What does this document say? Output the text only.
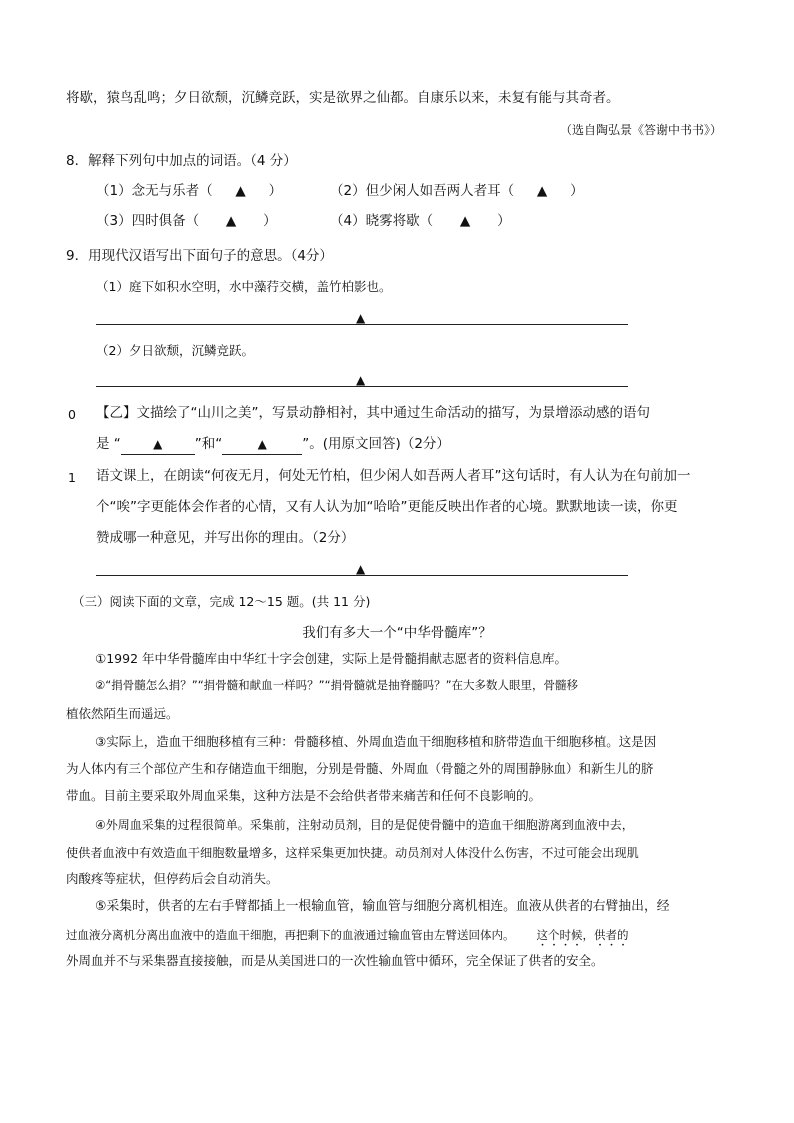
将歇，猿鸟乱鸣；夕日欲颓，沉鳞竞跃，实是欲界之仙都。自康乐以来，未复有能与其奇者。
（选自陶弘景《答谢中书书》）
8．解释下列句中加点的词语。（4 分）
（1）念无与乐者（ ▲ ）	（2）但少闲人如吾两人者耳（ ▲ ）
（3）四时俱备（ ▲ ）	（4）晓雾将歇（ ▲ ）
9．用现代汉语写出下面句子的意思。（4分）
（1）庭下如积水空明，水中藻荇交横，盖竹柏影也。
▲
（2）夕日欲颓，沉鳞竞跃。
▲
0 【乙】文描绘了“山川之美”，写景动静相衬，其中通过生命活动的描写，为景增添动感的语句
是 “	▲ ”和“	▲	”。(用原文回答)（2分）
1 语文课上，在朗读“何夜无月，何处无竹柏，但少闲人如吾两人者耳”这句话时，有人认为在句前加一
个“唉”字更能体会作者的心情，又有人认为加“哈哈”更能反映出作者的心境。默默地读一读，你更
赞成哪一种意见，并写出你的理由。（2分）
▲
（三）阅读下面的文章，完成 12～15 题。(共 11 分)
我们有多大一个“中华骨髓库”？
①1992 年中华骨髓库由中华红十字会创建，实际上是骨髓捐献志愿者的资料信息库。
②“捐骨髓怎么捐？”“捐骨髓和献血一样吗？”“捐骨髓就是抽脊髓吗？”在大多数人眼里，骨髓移
植依然陌生而遥远。
③实际上，造血干细胞移植有三种：骨髓移植、外周血造血干细胞移植和脐带造血干细胞移植。这是因
为人体内有三个部位产生和存储造血干细胞，分别是骨髓、外周血（骨髓之外的周围静脉血）和新生儿的脐
带血。目前主要采取外周血采集，这种方法是不会给供者带来痛苦和任何不良影响的。
④外周血采集的过程很简单。采集前，注射动员剂，目的是促使骨髓中的造血干细胞游离到血液中去，
使供者血液中有效造血干细胞数量增多，这样采集更加快捷。动员剂对人体没什么伤害，不过可能会出现肌
肉酸疼等症状，但停药后会自动消失。
⑤采集时，供者的左右手臂都插上一根输血管，输血管与细胞分离机相连。血液从供者的右臂抽出，经
过血液分离机分离出血液中的造血干细胞，再把剩下的血液通过输血管由左臂送回体内。 这个时候，供者的
外周血并不与采集器直接接触，而是从美国进口的一次性输血管中循环，完全保证了供者的安全。
